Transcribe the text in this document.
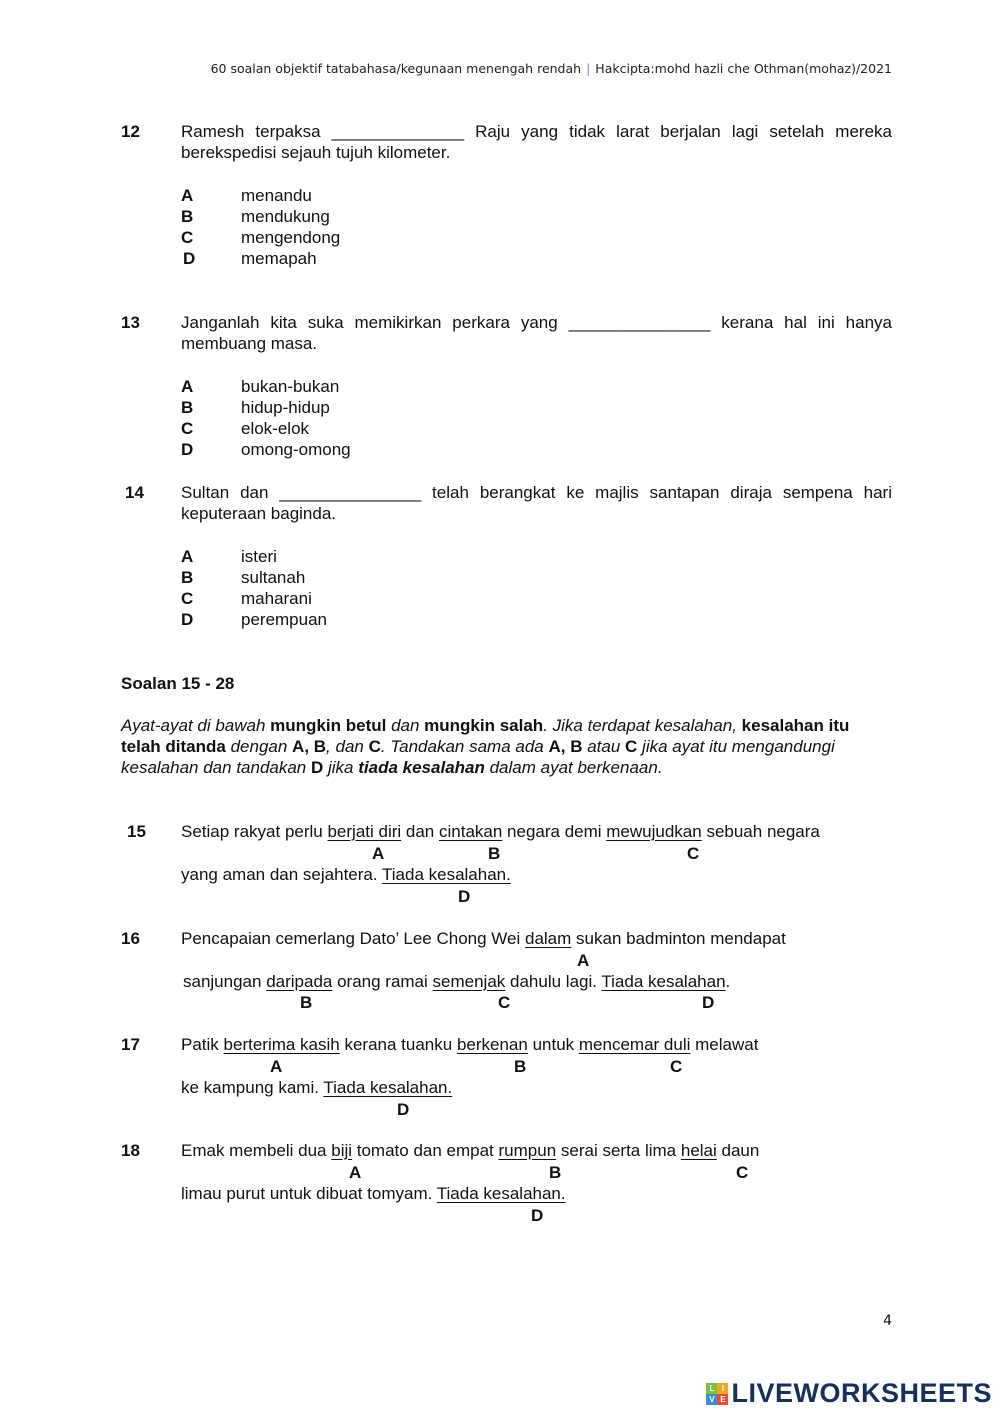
60 soalan objektif tatabahasa/kegunaan menengah rendah | Hakcipta:mohd hazli che Othman(mohaz)/2021
12 Ramesh terpaksa ______________ Raju yang tidak larat berjalan lagi setelah mereka berekspedisi sejauh tujuh kilometer.
A	menandu
B	mendukung
C	mengendong
D	memapah
13 Janganlah kita suka memikirkan perkara yang _______________ kerana hal ini hanya membuang masa.
A	bukan-bukan
B	hidup-hidup
C	elok-elok
D	omong-omong
14 Sultan dan _______________ telah berangkat ke majlis santapan diraja sempena hari keputeraan baginda.
A	isteri
B	sultanah
C	maharani
D	perempuan
Soalan 15 - 28
Ayat-ayat di bawah mungkin betul dan mungkin salah. Jika terdapat kesalahan, kesalahan itu telah ditanda dengan A, B, dan C. Tandakan sama ada A, B atau C jika ayat itu mengandungi kesalahan dan tandakan D jika tiada kesalahan dalam ayat berkenaan.
15 Setiap rakyat perlu berjati diri dan cintakan negara demi mewujudkan sebuah negara
A	B	C
yang aman dan sejahtera. Tiada kesalahan.
D
16 Pencapaian cemerlang Dato’ Lee Chong Wei dalam sukan badminton mendapat
A
sanjungan daripada orang ramai semenjak dahulu lagi. Tiada kesalahan.
B	C	D
17 Patik berterima kasih kerana tuanku berkenan untuk mencemar duli melawat
A	B	C
ke kampung kami. Tiada kesalahan.
D
18 Emak membeli dua biji tomato dan empat rumpun serai serta lima helai daun
A	B	C
limau purut untuk dibuat tomyam. Tiada kesalahan.
D
4
L I
V E LIVEWORKSHEETS
